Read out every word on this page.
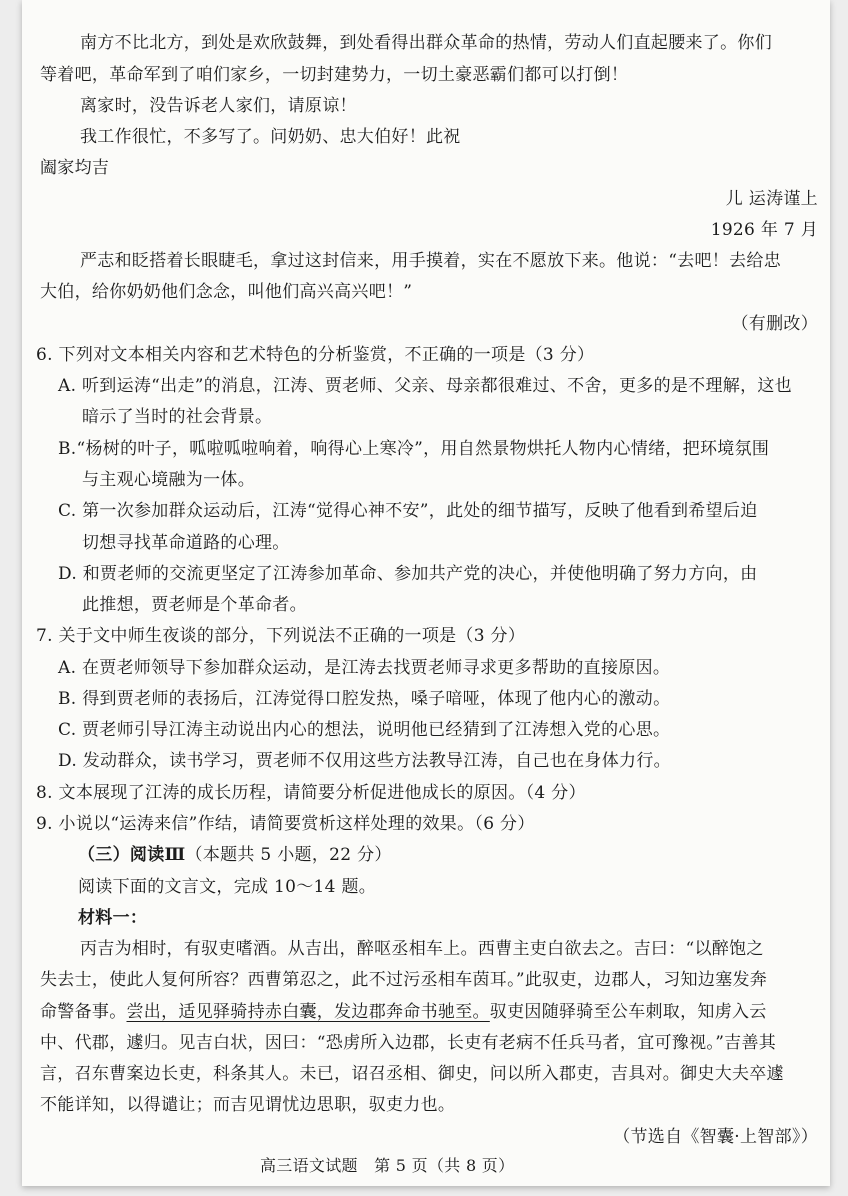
南方不比北方，到处是欢欣鼓舞，到处看得出群众革命的热情，劳动人们直起腰来了。你们

等着吧，革命军到了咱们家乡，一切封建势力，一切土豪恶霸们都可以打倒！

离家时，没告诉老人家们，请原谅！

我工作很忙，不多写了。问奶奶、忠大伯好！此祝

阖家均吉

儿 运涛谨上

1926 年 7 月

严志和眨搭着长眼睫毛，拿过这封信来，用手摸着，实在不愿放下来。他说：“去吧！去给忠

大伯，给你奶奶他们念念，叫他们高兴高兴吧！”

（有删改）

6. 下列对文本相关内容和艺术特色的分析鉴赏，不正确的一项是（3 分）

A. 听到运涛“出走”的消息，江涛、贾老师、父亲、母亲都很难过、不舍，更多的是不理解，这也

暗示了当时的社会背景。

B.“杨树的叶子，呱啦呱啦响着，响得心上寒冷”，用自然景物烘托人物内心情绪，把环境氛围

与主观心境融为一体。

C. 第一次参加群众运动后，江涛“觉得心神不安”，此处的细节描写，反映了他看到希望后迫

切想寻找革命道路的心理。

D. 和贾老师的交流更坚定了江涛参加革命、参加共产党的决心，并使他明确了努力方向，由

此推想，贾老师是个革命者。

7. 关于文中师生夜谈的部分，下列说法不正确的一项是（3 分）

A. 在贾老师领导下参加群众运动，是江涛去找贾老师寻求更多帮助的直接原因。

B. 得到贾老师的表扬后，江涛觉得口腔发热，嗓子喑哑，体现了他内心的激动。

C. 贾老师引导江涛主动说出内心的想法，说明他已经猜到了江涛想入党的心思。

D. 发动群众，读书学习，贾老师不仅用这些方法教导江涛，自己也在身体力行。

8. 文本展现了江涛的成长历程，请简要分析促进他成长的原因。（4 分）

9. 小说以“运涛来信”作结，请简要赏析这样处理的效果。（6 分）

（三）阅读Ⅲ（本题共 5 小题，22 分）

阅读下面的文言文，完成 10～14 题。

材料一：

丙吉为相时，有驭吏嗜酒。从吉出，醉呕丞相车上。西曹主吏白欲去之。吉曰：“以醉饱之

失去士，使此人复何所容？西曹第忍之，此不过污丞相车茵耳。”此驭吏，边郡人，习知边塞发奔

命警备事。尝出，适见驿骑持赤白囊，发边郡奔命书驰至。驭吏因随驿骑至公车刺取，知虏入云

中、代郡，遽归。见吉白状，因曰：“恐虏所入边郡，长吏有老病不任兵马者，宜可豫视。”吉善其

言，召东曹案边长吏，科条其人。未已，诏召丞相、御史，问以所入郡吏，吉具对。御史大夫卒遽

不能详知，以得谴让；而吉见谓忧边思职，驭吏力也。

（节选自《智囊·上智部》）

高三语文试题　第 5 页（共 8 页）
